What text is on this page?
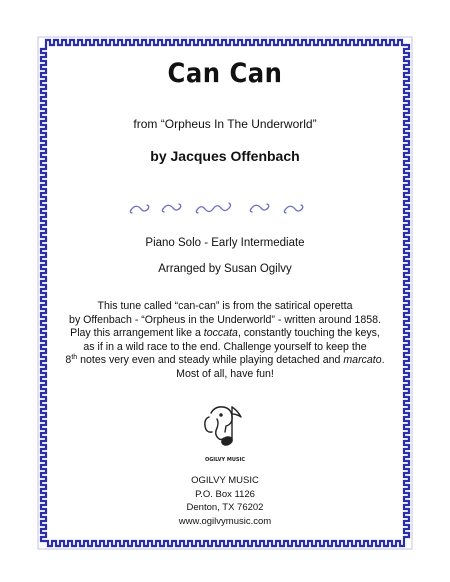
Can Can
from “Orpheus In The Underworld”
by Jacques Offenbach
Piano Solo - Early Intermediate
Arranged by Susan Ogilvy
This tune called “can-can” is from the satirical operetta
by Offenbach - “Orpheus in the Underworld” - written around 1858.
Play this arrangement like a toccata, constantly touching the keys,
as if in a wild race to the end. Challenge yourself to keep the
8th notes very even and steady while playing detached and marcato.
Most of all, have fun!
OGILVY MUSIC
OGILVY MUSIC
P.O. Box 1126
Denton, TX 76202
www.ogilvymusic.com
